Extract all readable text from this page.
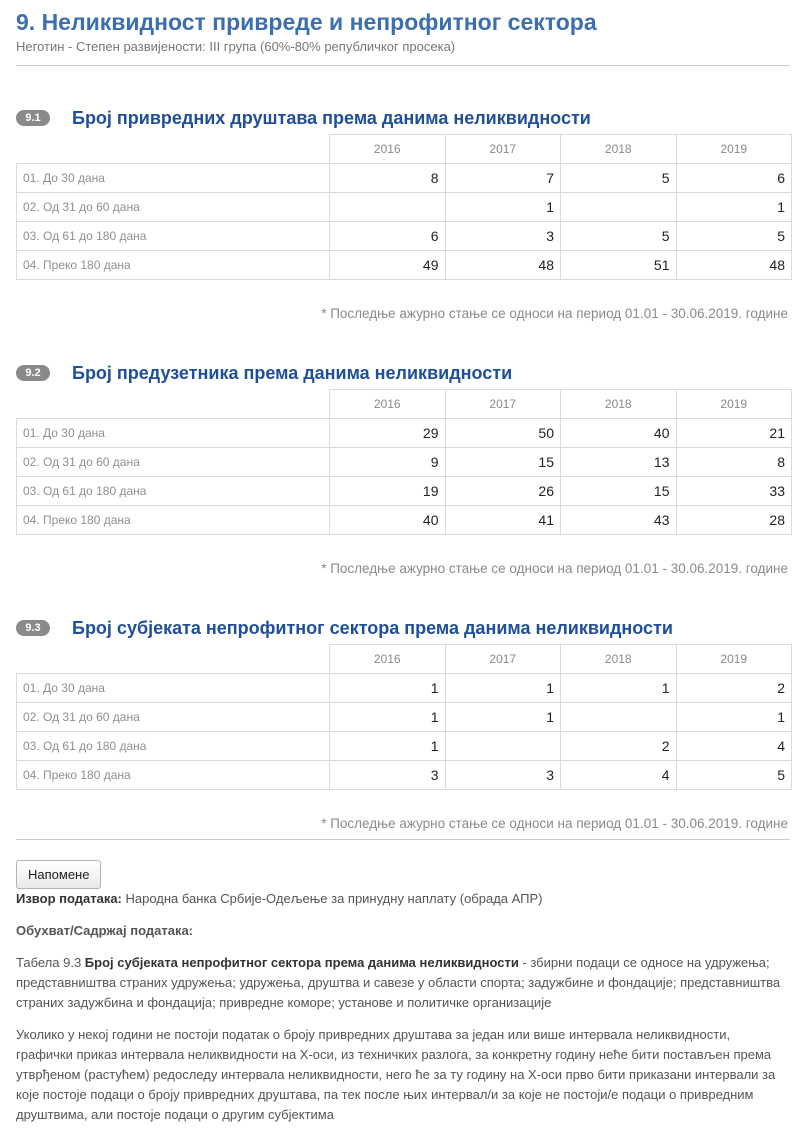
9. Неликвидност привреде и непрофитног сектора
Неготин - Степен развијености: III група (60%-80% републичког просека)
9.1	Број привредних друштава према данима неликвидности
	2016	2017	2018	2019
01. До 30 дана	8	7	5	6
02. Од 31 до 60 дана		1		1
03. Од 61 до 180 дана	6	3	5	5
04. Преко 180 дана	49	48	51	48
* Последње ажурно стање се односи на период 01.01 - 30.06.2019. године
9.2	Број предузетника према данима неликвидности
	2016	2017	2018	2019
01. До 30 дана	29	50	40	21
02. Од 31 до 60 дана	9	15	13	8
03. Од 61 до 180 дана	19	26	15	33
04. Преко 180 дана	40	41	43	28
* Последње ажурно стање се односи на период 01.01 - 30.06.2019. године
9.3	Број субјеката непрофитног сектора према данима неликвидности
	2016	2017	2018	2019
01. До 30 дана	1	1	1	2
02. Од 31 до 60 дана	1	1		1
03. Од 61 до 180 дана	1		2	4
04. Преко 180 дана	3	3	4	5
* Последње ажурно стање се односи на период 01.01 - 30.06.2019. године
Напомене

Извор података: Народна банка Србије-Одељење за принудну наплату (обрада АПР)

Обухват/Садржај података:

Табела 9.3 Број субјеката непрофитног сектора према данима неликвидности - збирни подаци се односе на удружења; представништва страних удружења; удружења, друштва и савезе у области спорта; задужбине и фондације; представништва страних задужбина и фондација; привредне коморе; установе и политичке организације

Уколико у некој години не постоји податак о броју привредних друштава за један или више интервала неликвидности, графички приказ интервала неликвидности на X-оси, из техничких разлога, за конкретну годину неће бити постављен према утврђеном (растућем) редоследу интервала неликвидности, него ће за ту годину на X-оси прво бити приказани интервали за које постоје подаци о броју привредних друштава, па тек после њих интервал/и за које не постоји/е подаци о привредним друштвима, али постоје подаци о другим субјектима
